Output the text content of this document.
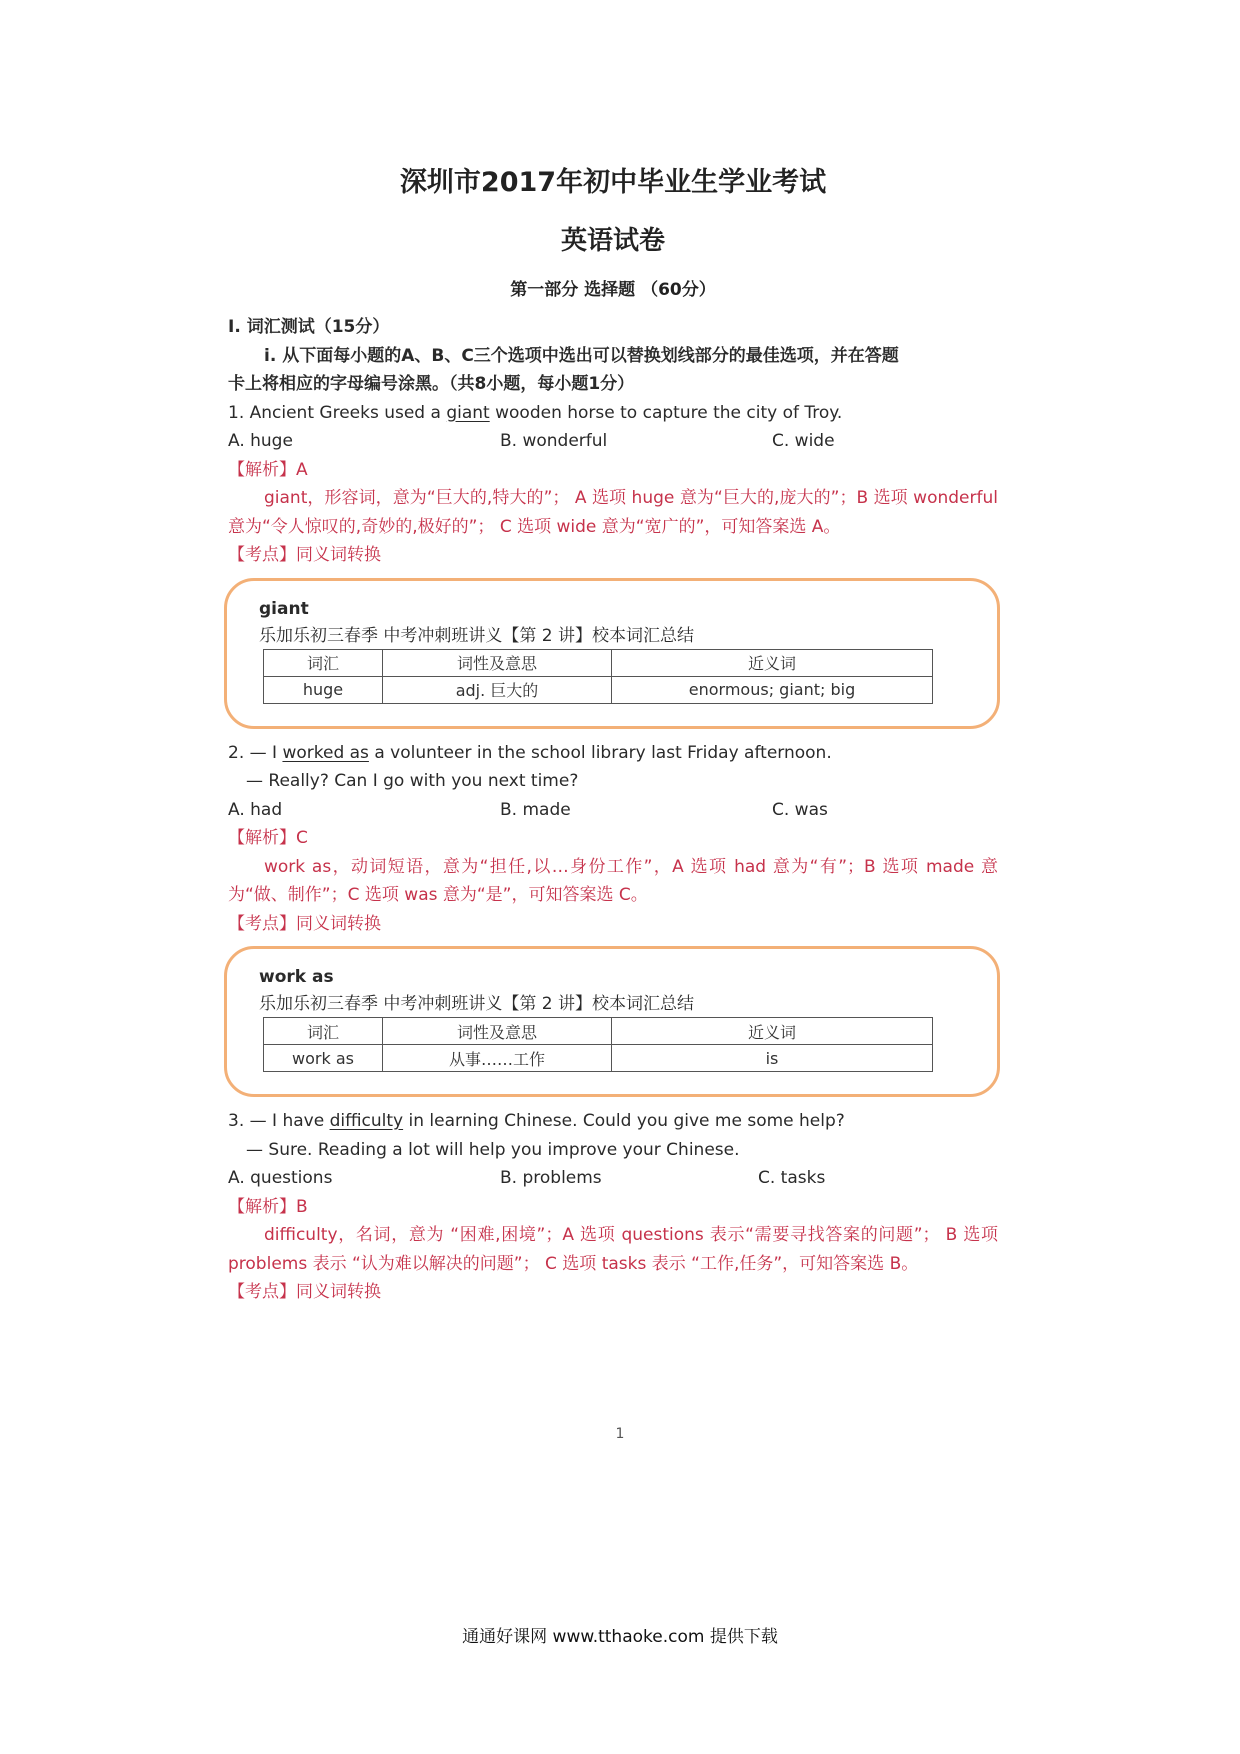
深圳市2017年初中毕业生学业考试
英语试卷
第一部分 选择题 （60分）
I. 词汇测试（15分）
i. 从下面每小题的A、B、C三个选项中选出可以替换划线部分的最佳选项，并在答题
卡上将相应的字母编号涂黑。（共8小题，每小题1分）
1. Ancient Greeks used a giant wooden horse to capture the city of Troy.
A. huge	B. wonderful	C. wide
【解析】A
giant，形容词，意为“巨大的,特大的”； A 选项 huge 意为“巨大的,庞大的”；B 选项 wonderful 意为“令人惊叹的,奇妙的,极好的”； C 选项 wide 意为“宽广的”，可知答案选 A。
【考点】同义词转换
giant
乐加乐初三春季 中考冲刺班讲义【第 2 讲】校本词汇总结
词汇	词性及意思	近义词
huge	adj. 巨大的	enormous; giant; big
2. — I worked as a volunteer in the school library last Friday afternoon.
— Really? Can I go with you next time?
A. had	B. made	C. was
【解析】C
work as，动词短语，意为“担任,以…身份工作”，A 选项 had 意为“有”；B 选项 made 意为“做、制作”；C 选项 was 意为“是”，可知答案选 C。
【考点】同义词转换
work as
乐加乐初三春季 中考冲刺班讲义【第 2 讲】校本词汇总结
词汇	词性及意思	近义词
work as	从事……工作	is
3. — I have difficulty in learning Chinese. Could you give me some help?
— Sure. Reading a lot will help you improve your Chinese.
A. questions	B. problems	C. tasks
【解析】B
difficulty，名词，意为 “困难,困境”；A 选项 questions 表示“需要寻找答案的问题”； B 选项 problems 表示 “认为难以解决的问题”； C 选项 tasks 表示 “工作,任务”，可知答案选 B。
【考点】同义词转换
1
通通好课网 www.tthaoke.com 提供下载
